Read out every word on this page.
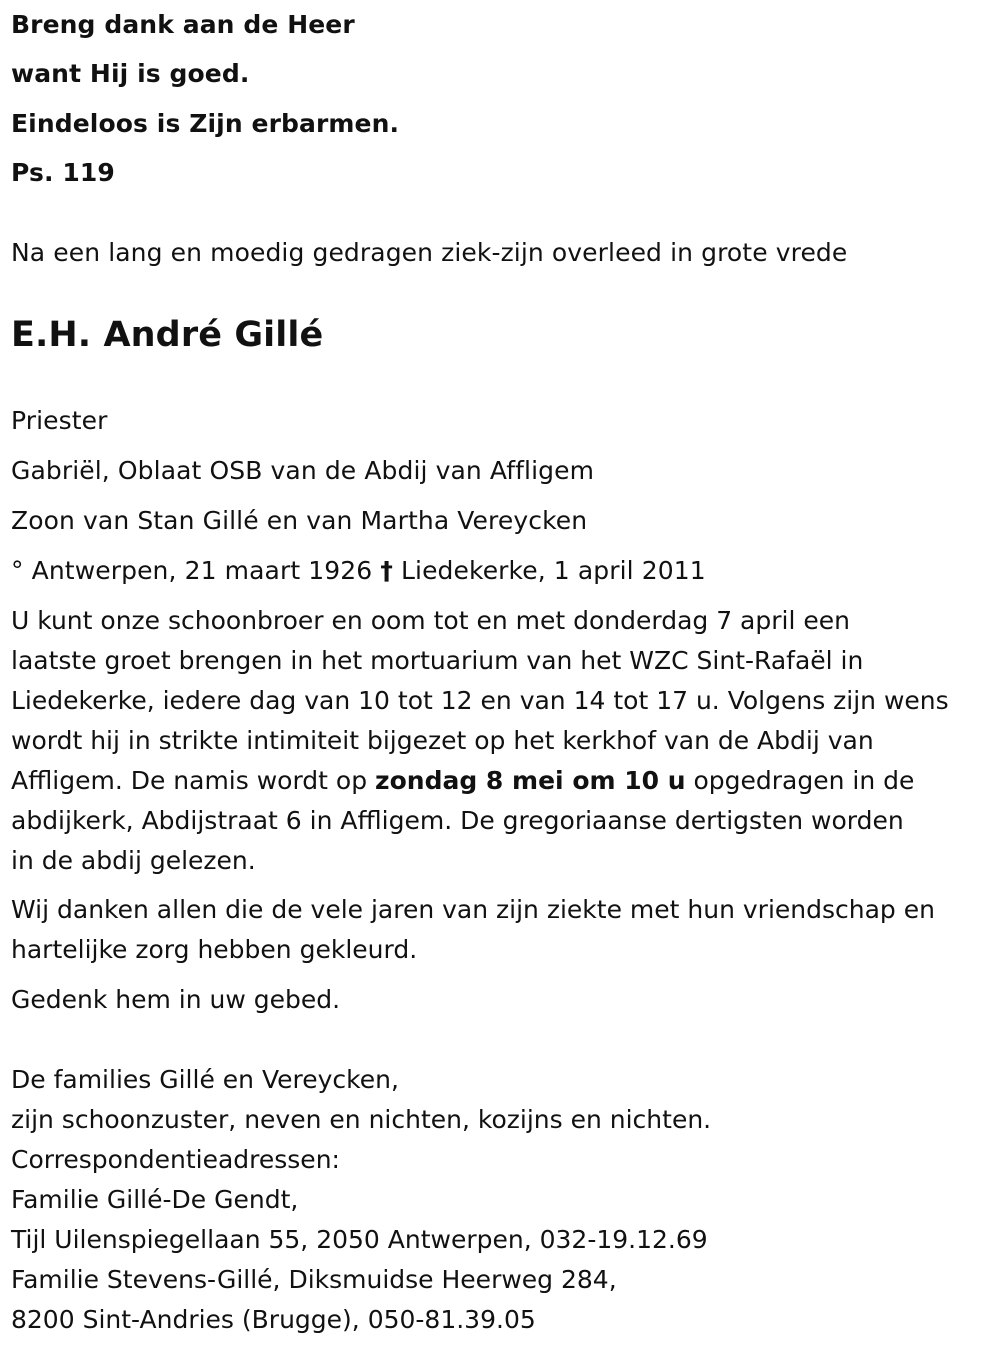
Breng dank aan de Heer
want Hij is goed.
Eindeloos is Zijn erbarmen.
Ps. 119
Na een lang en moedig gedragen ziek-zijn overleed in grote vrede
E.H. André Gillé
Priester
Gabriël, Oblaat OSB van de Abdij van Affligem
Zoon van Stan Gillé en van Martha Vereycken
° Antwerpen, 21 maart 1926 † Liedekerke, 1 april 2011
U kunt onze schoonbroer en oom tot en met donderdag 7 april een
laatste groet brengen in het mortuarium van het WZC Sint-Rafaël in
Liedekerke, iedere dag van 10 tot 12 en van 14 tot 17 u. Volgens zijn wens
wordt hij in strikte intimiteit bijgezet op het kerkhof van de Abdij van
Affligem. De namis wordt op zondag 8 mei om 10 u opgedragen in de
abdijkerk, Abdijstraat 6 in Affligem. De gregoriaanse dertigsten worden
in de abdij gelezen.
Wij danken allen die de vele jaren van zijn ziekte met hun vriendschap en
hartelijke zorg hebben gekleurd.
Gedenk hem in uw gebed.
De families Gillé en Vereycken,
zijn schoonzuster, neven en nichten, kozijns en nichten.
Correspondentieadressen:
Familie Gillé-De Gendt,
Tijl Uilenspiegellaan 55, 2050 Antwerpen, 032-19.12.69
Familie Stevens-Gillé, Diksmuidse Heerweg 284,
8200 Sint-Andries (Brugge), 050-81.39.05
